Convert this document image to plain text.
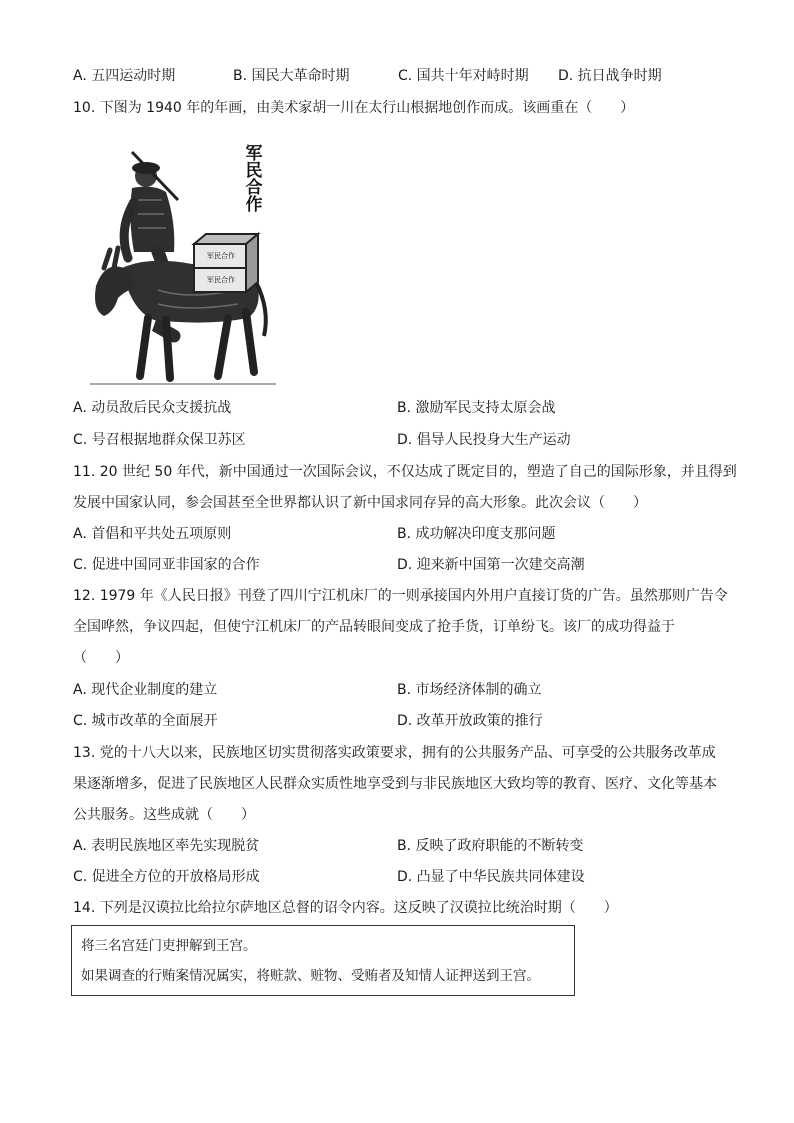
A. 五四运动时期	B. 国民大革命时期	C. 国共十年对峙时期 D. 抗日战争时期
10. 下图为 1940 年的年画，由美术家胡一川在太行山根据地创作而成。该画重在（　　）
军
民
合
作
军民合作
军民合作
A. 动员敌后民众支援抗战	B. 激励军民支持太原会战
C. 号召根据地群众保卫苏区	D. 倡导人民投身大生产运动
11. 20 世纪 50 年代，新中国通过一次国际会议，不仅达成了既定目的，塑造了自己的国际形象，并且得到
发展中国家认同，参会国甚至全世界都认识了新中国求同存异的高大形象。此次会议（　　）
A. 首倡和平共处五项原则	B. 成功解决印度支那问题
C. 促进中国同亚非国家的合作	D. 迎来新中国第一次建交高潮
12. 1979 年《人民日报》刊登了四川宁江机床厂的一则承接国内外用户直接订货的广告。虽然那则广告令
全国哗然，争议四起，但使宁江机床厂的产品转眼间变成了抢手货，订单纷飞。该厂的成功得益于
（　　）
A. 现代企业制度的建立	B. 市场经济体制的确立
C. 城市改革的全面展开	D. 改革开放政策的推行
13. 党的十八大以来，民族地区切实贯彻落实政策要求，拥有的公共服务产品、可享受的公共服务改革成
果逐渐增多，促进了民族地区人民群众实质性地享受到与非民族地区大致均等的教育、医疗、文化等基本
公共服务。这些成就（　　）
A. 表明民族地区率先实现脱贫	B. 反映了政府职能的不断转变
C. 促进全方位的开放格局形成	D. 凸显了中华民族共同体建设
14. 下列是汉谟拉比给拉尔萨地区总督的诏令内容。这反映了汉谟拉比统治时期（　　）
将三名宫廷门吏押解到王宫。
如果调查的行贿案情况属实，将赃款、赃物、受贿者及知情人证押送到王宫。
